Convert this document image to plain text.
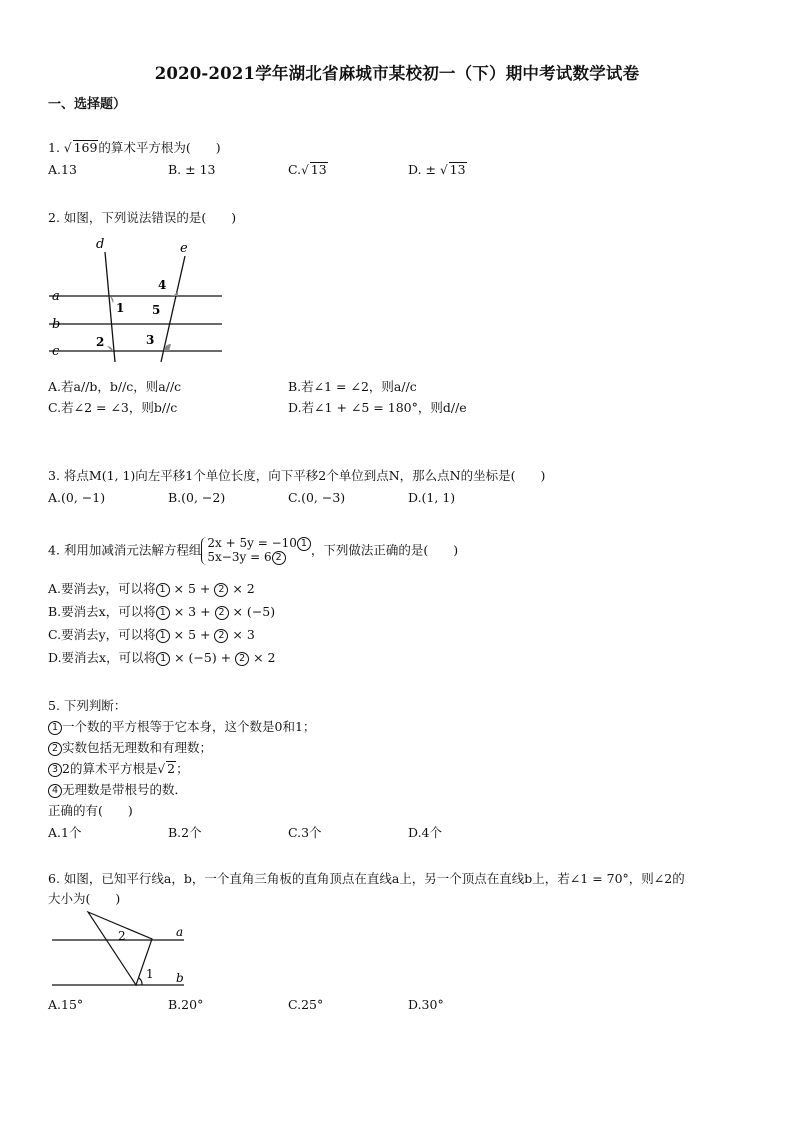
2020-2021学年湖北省麻城市某校初一（下）期中考试数学试卷
一、选择题）
1. √ 169的算术平方根为(　　)
A.13	B. ± 13	C.√ 13	D. ± √ 13
2. 如图，下列说法错误的是(　　)
d	e
a
b
c
1
2	3
4
5
A.若a//b，b//c，则a//c	B.若∠1 = ∠2，则a//c
C.若∠2 = ∠3，则b//c	D.若∠1 + ∠5 = 180°，则d//e
3. 将点M(1, 1)向左平移1个单位长度，向下平移2个单位到点N，那么点N的坐标是(　　)
A.(0, −1)	B.(0, −2)	C.(0, −3)	D.(1, 1)
4. 利用加减消元法解方程组 2x + 5y = −10 1
5x−3y = 6 2 ，下列做法正确的是(　　)
A.要消去y，可以将 1 × 5 + 2 × 2
B.要消去x，可以将 1 × 3 + 2 × (−5)
C.要消去y，可以将 1 × 5 + 2 × 3
D.要消去x，可以将 1 × (−5) + 2 × 2
5. 下列判断：
1 一个数的平方根等于它本身，这个数是0和1；
2 实数包括无理数和有理数；
3 2的算术平方根是√ 2；
4 无理数是带根号的数．
正确的有(　　)
A.1个	B.2个	C.3个	D.4个
6. 如图，已知平行线a，b，一个直角三角板的直角顶点在直线a上，另一个顶点在直线b上，若∠1 = 70°，则∠2的
大小为(　　)
a
b
1
2
A.15°	B.20°	C.25°	D.30°
